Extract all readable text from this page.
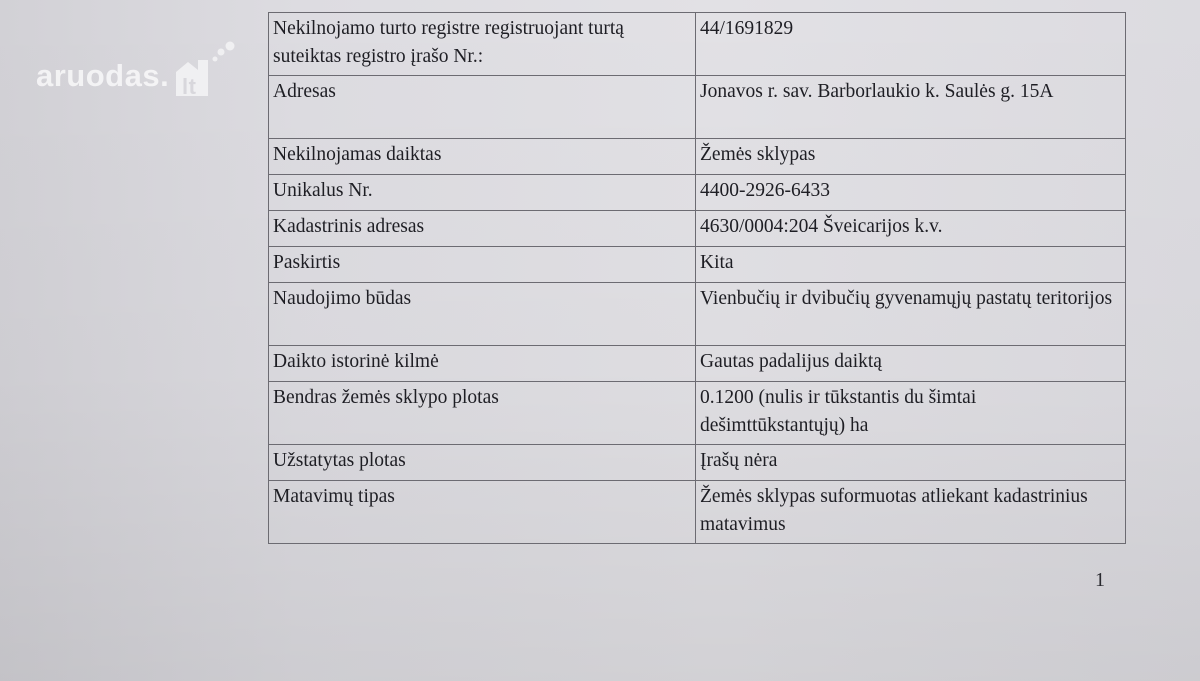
aruodas. lt
Nekilnojamo turto registre registruojant turtą suteiktas registro įrašo Nr.:	44/1691829
Adresas	Jonavos r. sav. Barborlaukio k. Saulės g. 15A
Nekilnojamas daiktas	Žemės sklypas
Unikalus Nr.	4400-2926-6433
Kadastrinis adresas	4630/0004:204 Šveicarijos k.v.
Paskirtis	Kita
Naudojimo būdas	Vienbučių ir dvibučių gyvenamųjų pastatų teritorijos
Daikto istorinė kilmė	Gautas padalijus daiktą
Bendras žemės sklypo plotas	0.1200 (nulis ir tūkstantis du šimtai dešimttūkstantųjų) ha
Užstatytas plotas	Įrašų nėra
Matavimų tipas	Žemės sklypas suformuotas atliekant kadastrinius matavimus
1
